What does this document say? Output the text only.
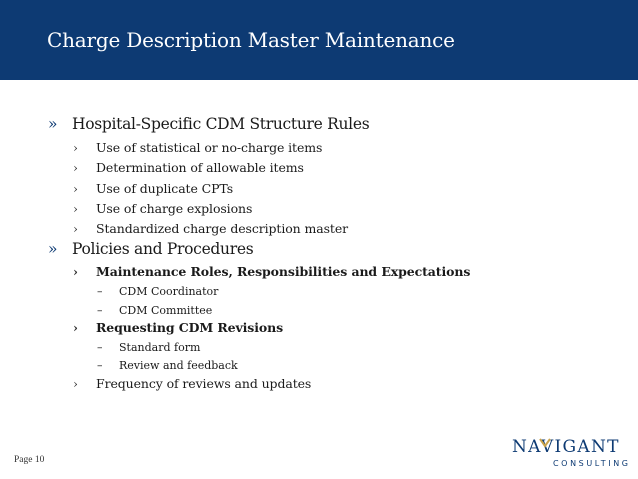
Charge Description Master Maintenance
» Hospital-Specific CDM Structure Rules
› Use of statistical or no-charge items
› Determination of allowable items
› Use of duplicate CPTs
› Use of charge explosions
› Standardized charge description master
» Policies and Procedures
› Maintenance Roles, Responsibilities and Expectations
– CDM Coordinator
– CDM Committee
› Requesting CDM Revisions
– Standard form
– Review and feedback
› Frequency of reviews and updates
Page 10
NAVIGANT
CONSULTING
